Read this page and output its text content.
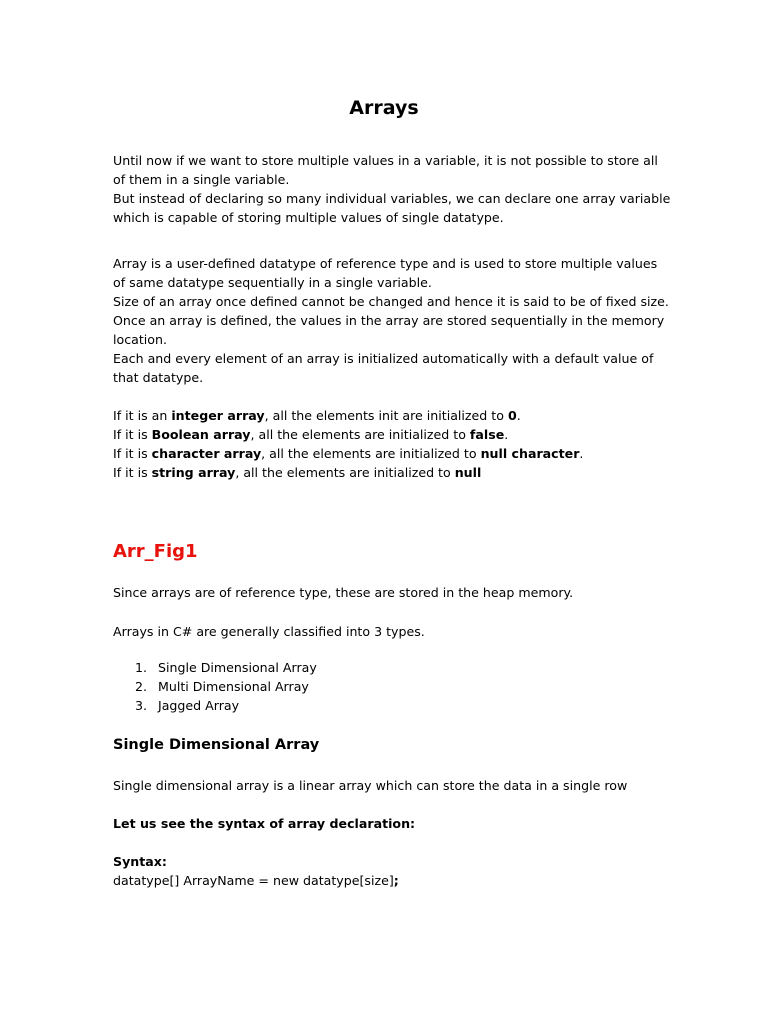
Arrays

Until now if we want to store multiple values in a variable, it is not possible to store all of them in a single variable.

But instead of declaring so many individual variables, we can declare one array variable which is capable of storing multiple values of single datatype.

Array is a user-defined datatype of reference type and is used to store multiple values of same datatype sequentially in a single variable.

Size of an array once defined cannot be changed and hence it is said to be of fixed size.

Once an array is defined, the values in the array are stored sequentially in the memory location.

Each and every element of an array is initialized automatically with a default value of that datatype.

If it is an integer array, all the elements init are initialized to 0.

If it is Boolean array, all the elements are initialized to false.

If it is character array, all the elements are initialized to null character.

If it is string array, all the elements are initialized to null

Arr_Fig1

Since arrays are of reference type, these are stored in the heap memory.

Arrays in C# are generally classified into 3 types.

1. Single Dimensional Array
2. Multi Dimensional Array
3. Jagged Array
Single Dimensional Array

Single dimensional array is a linear array which can store the data in a single row

Let us see the syntax of array declaration:

Syntax:

datatype[] ArrayName = new datatype[size];
